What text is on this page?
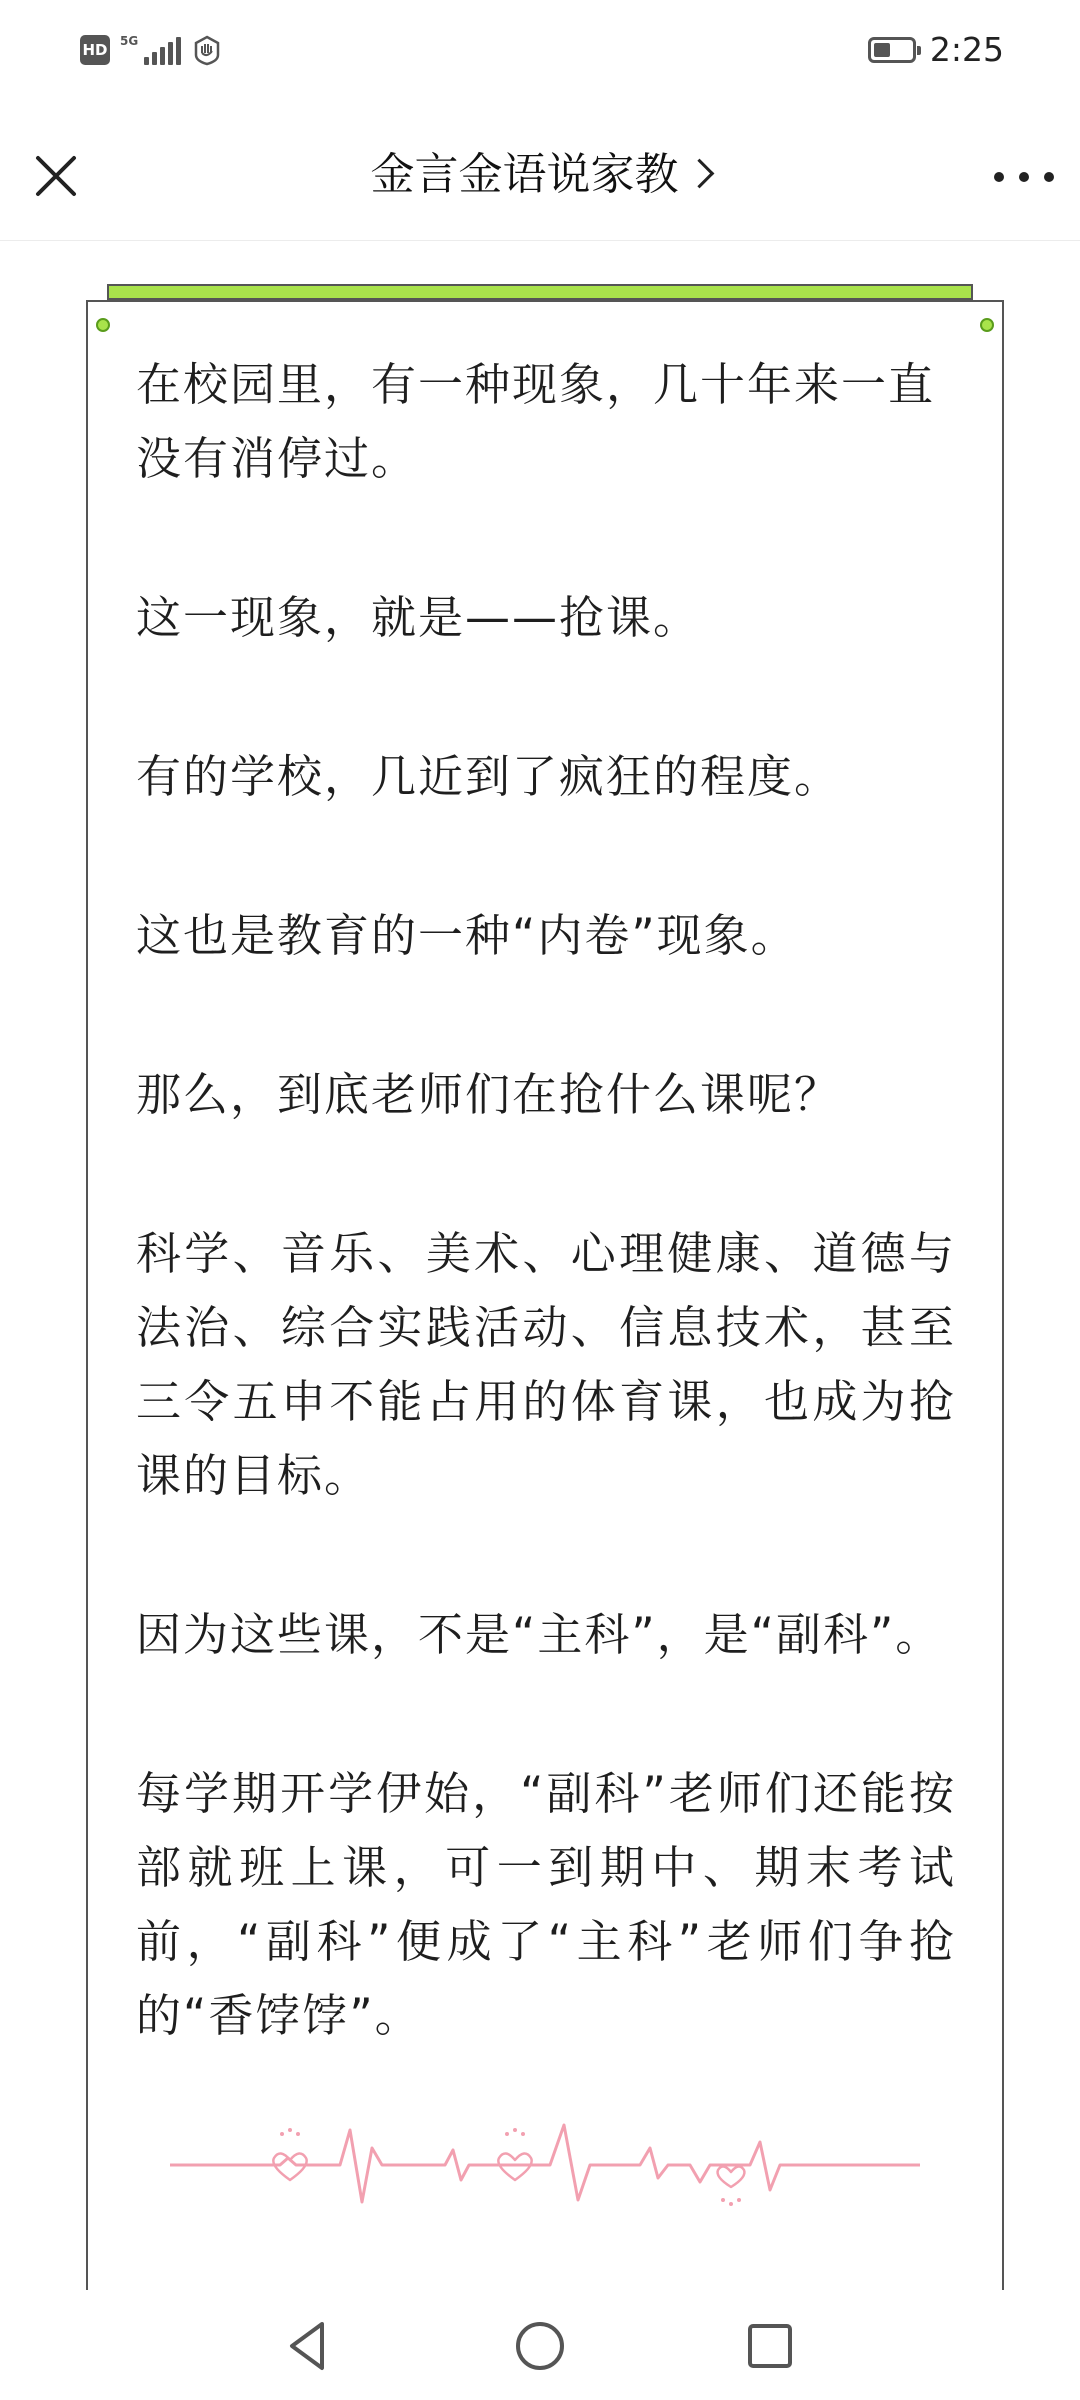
HD 5G	2:25
金言金语说家教

在校园里，有一种现象，几十年来一直没有消停过。

这一现象，就是——抢课。

有的学校，几近到了疯狂的程度。

这也是教育的一种“内卷”现象。

那么，到底老师们在抢什么课呢？

科学、音乐、美术、心理健康、道德与法治、综合实践活动、信息技术，甚至三令五申不能占用的体育课，也成为抢课的目标。

因为这些课，不是“主科”，是“副科”。

每学期开学伊始，“副科”老师们还能按部就班上课，可一到期中、期末考试前，“副科”便成了“主科”老师们争抢的“香饽饽”。
